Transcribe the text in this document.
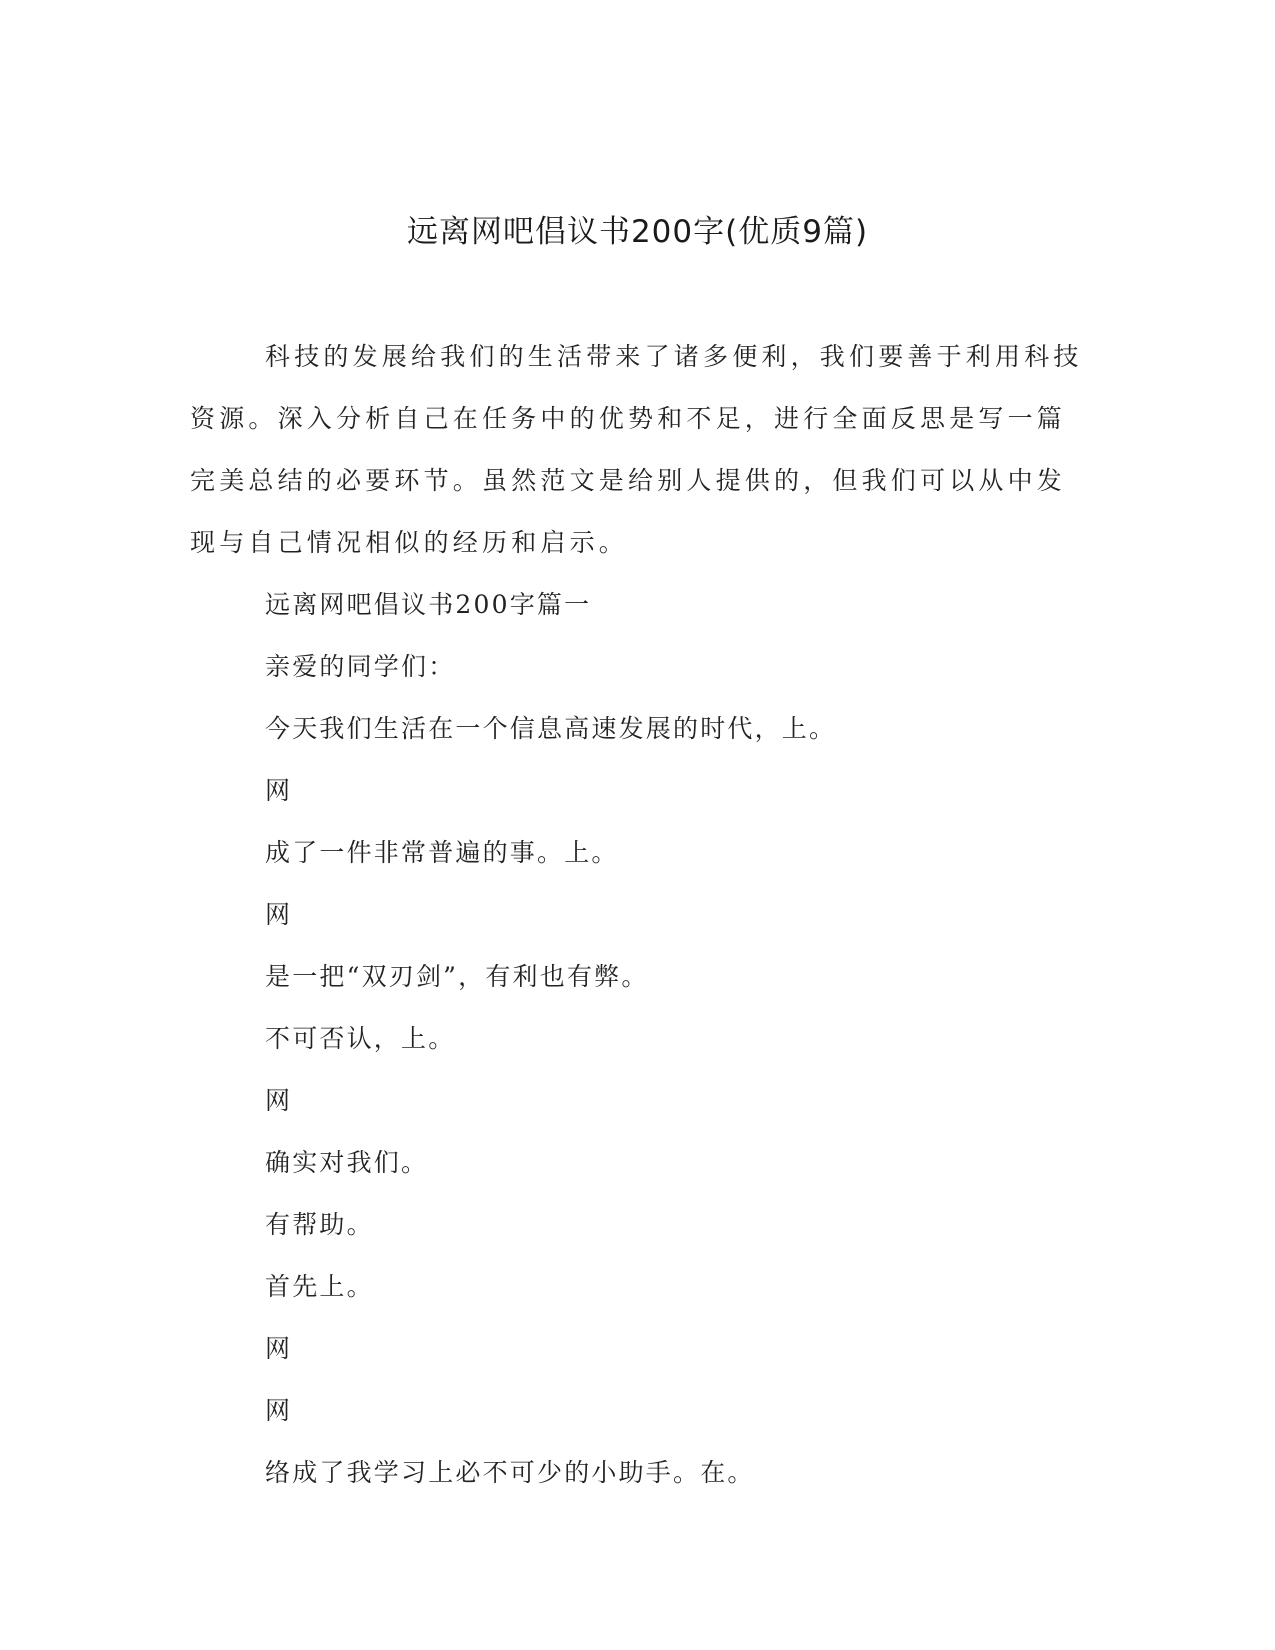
远离网吧倡议书200字(优质9篇)

科技的发展给我们的生活带来了诸多便利，我们要善于利用科技资源。深入分析自己在任务中的优势和不足，进行全面反思是写一篇完美总结的必要环节。虽然范文是给别人提供的，但我们可以从中发现与自己情况相似的经历和启示。

远离网吧倡议书200字篇一

亲爱的同学们：

今天我们生活在一个信息高速发展的时代，上。

网

成了一件非常普遍的事。上。

网

是一把“双刃剑”，有利也有弊。

不可否认，上。

网

确实对我们。

有帮助。

首先上。

网

网

络成了我学习上必不可少的小助手。在。
